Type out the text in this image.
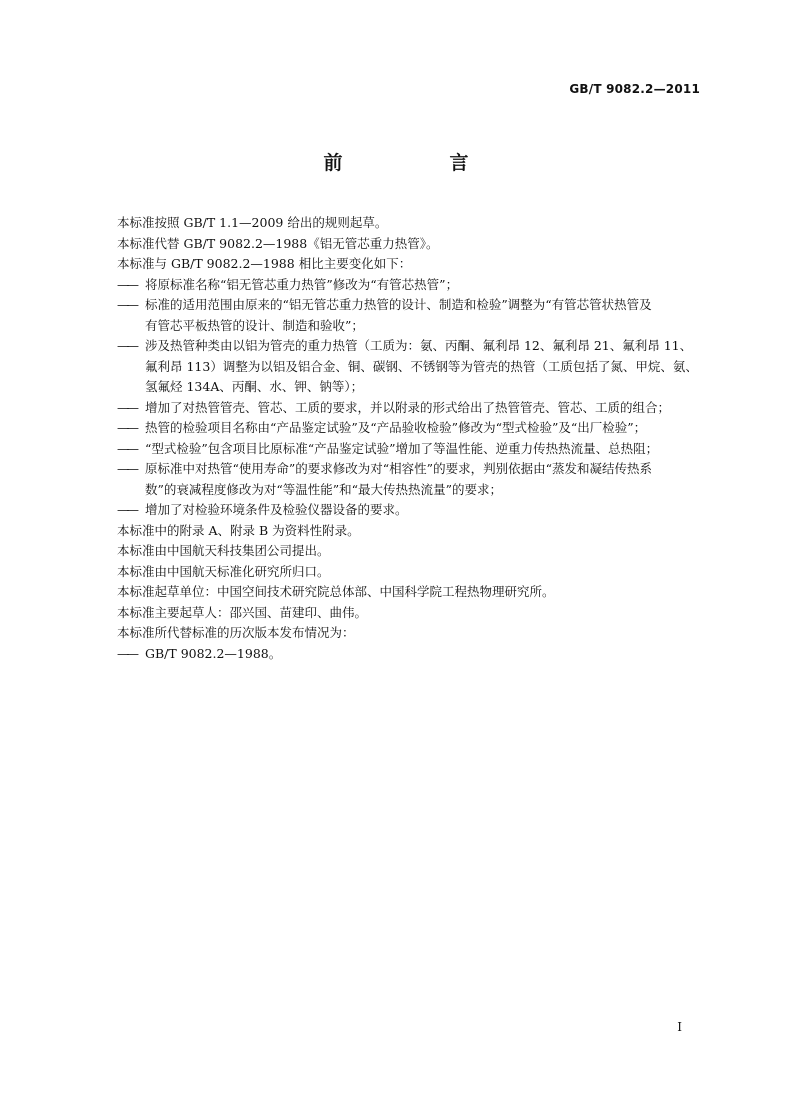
GB/T 9082.2—2011
前　言
本标准按照 GB/T 1.1—2009 给出的规则起草。
本标准代替 GB/T 9082.2—1988《铝无管芯重力热管》。
本标准与 GB/T 9082.2—1988 相比主要变化如下：
—— 将原标准名称“铝无管芯重力热管”修改为“有管芯热管”；
—— 标准的适用范围由原来的“铝无管芯重力热管的设计、制造和检验”调整为“有管芯管状热管及
有管芯平板热管的设计、制造和验收”；
—— 涉及热管种类由以铝为管壳的重力热管（工质为：氨、丙酮、氟利昂 12、氟利昂 21、氟利昂 11、
氟利昂 113）调整为以铝及铝合金、铜、碳钢、不锈钢等为管壳的热管（工质包括了氮、甲烷、氨、
氢氟烃 134A、丙酮、水、钾、钠等）；
—— 增加了对热管管壳、管芯、工质的要求，并以附录的形式给出了热管管壳、管芯、工质的组合；
—— 热管的检验项目名称由“产品鉴定试验”及“产品验收检验”修改为“型式检验”及“出厂检验”；
—— “型式检验”包含项目比原标准“产品鉴定试验”增加了等温性能、逆重力传热热流量、总热阻；
—— 原标准中对热管“使用寿命”的要求修改为对“相容性”的要求，判别依据由“蒸发和凝结传热系
数”的衰减程度修改为对“等温性能”和“最大传热热流量”的要求；
—— 增加了对检验环境条件及检验仪器设备的要求。
本标准中的附录 A、附录 B 为资料性附录。
本标准由中国航天科技集团公司提出。
本标准由中国航天标准化研究所归口。
本标准起草单位：中国空间技术研究院总体部、中国科学院工程热物理研究所。
本标准主要起草人：邵兴国、苗建印、曲伟。
本标准所代替标准的历次版本发布情况为：
—— GB/T 9082.2—1988。
I
